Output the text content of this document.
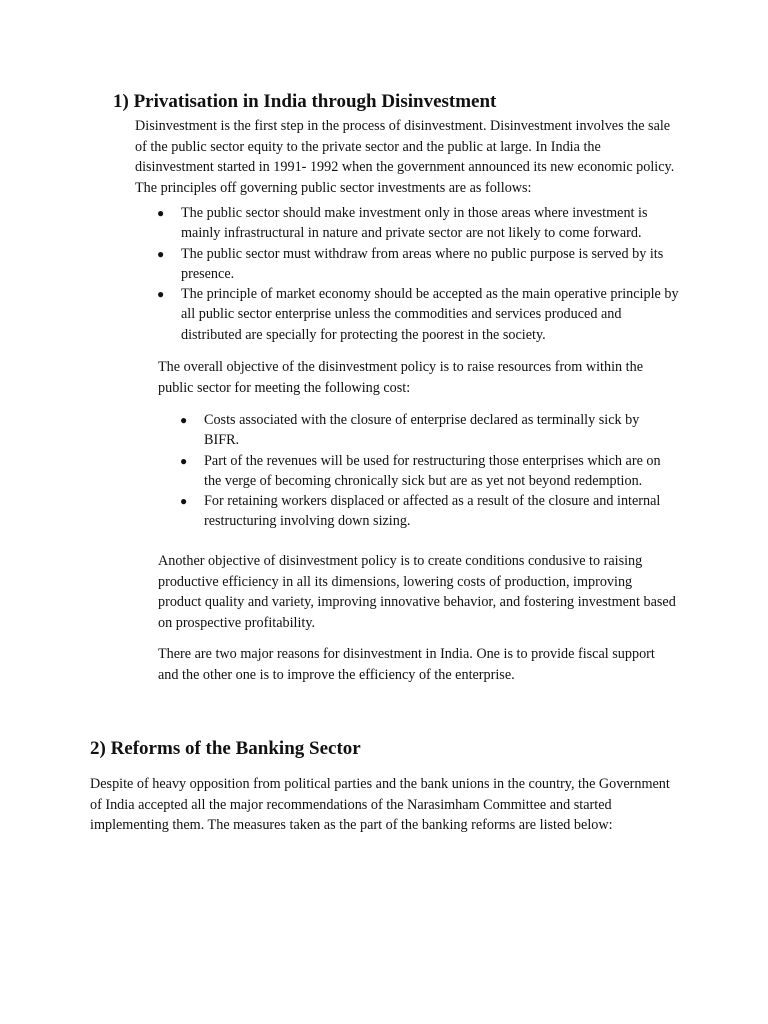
1) Privatisation in India through Disinvestment

Disinvestment is the first step in the process of disinvestment. Disinvestment involves the sale of the public sector equity to the private sector and the public at large. In India the disinvestment started in 1991- 1992 when the government announced its new economic policy. The principles off governing public sector investments are as follows:

● The public sector should make investment only in those areas where investment is mainly infrastructural in nature and private sector are not likely to come forward.
● The public sector must withdraw from areas where no public purpose is served by its presence.
● The principle of market economy should be accepted as the main operative principle by all public sector enterprise unless the commodities and services produced and distributed are specially for protecting the poorest in the society.

The overall objective of the disinvestment policy is to raise resources from within the public sector for meeting the following cost:

● Costs associated with the closure of enterprise declared as terminally sick by BIFR.
● Part of the revenues will be used for restructuring those enterprises which are on the verge of becoming chronically sick but are as yet not beyond redemption.
● For retaining workers displaced or affected as a result of the closure and internal restructuring involving down sizing.

Another objective of disinvestment policy is to create conditions condusive to raising productive efficiency in all its dimensions, lowering costs of production, improving product quality and variety, improving innovative behavior, and fostering investment based on prospective profitability.

There are two major reasons for disinvestment in India. One is to provide fiscal support and the other one is to improve the efficiency of the enterprise.

2) Reforms of the Banking Sector

Despite of heavy opposition from political parties and the bank unions in the country, the Government of India accepted all the major recommendations of the Narasimham Committee and started implementing them. The measures taken as the part of the banking reforms are listed below:
